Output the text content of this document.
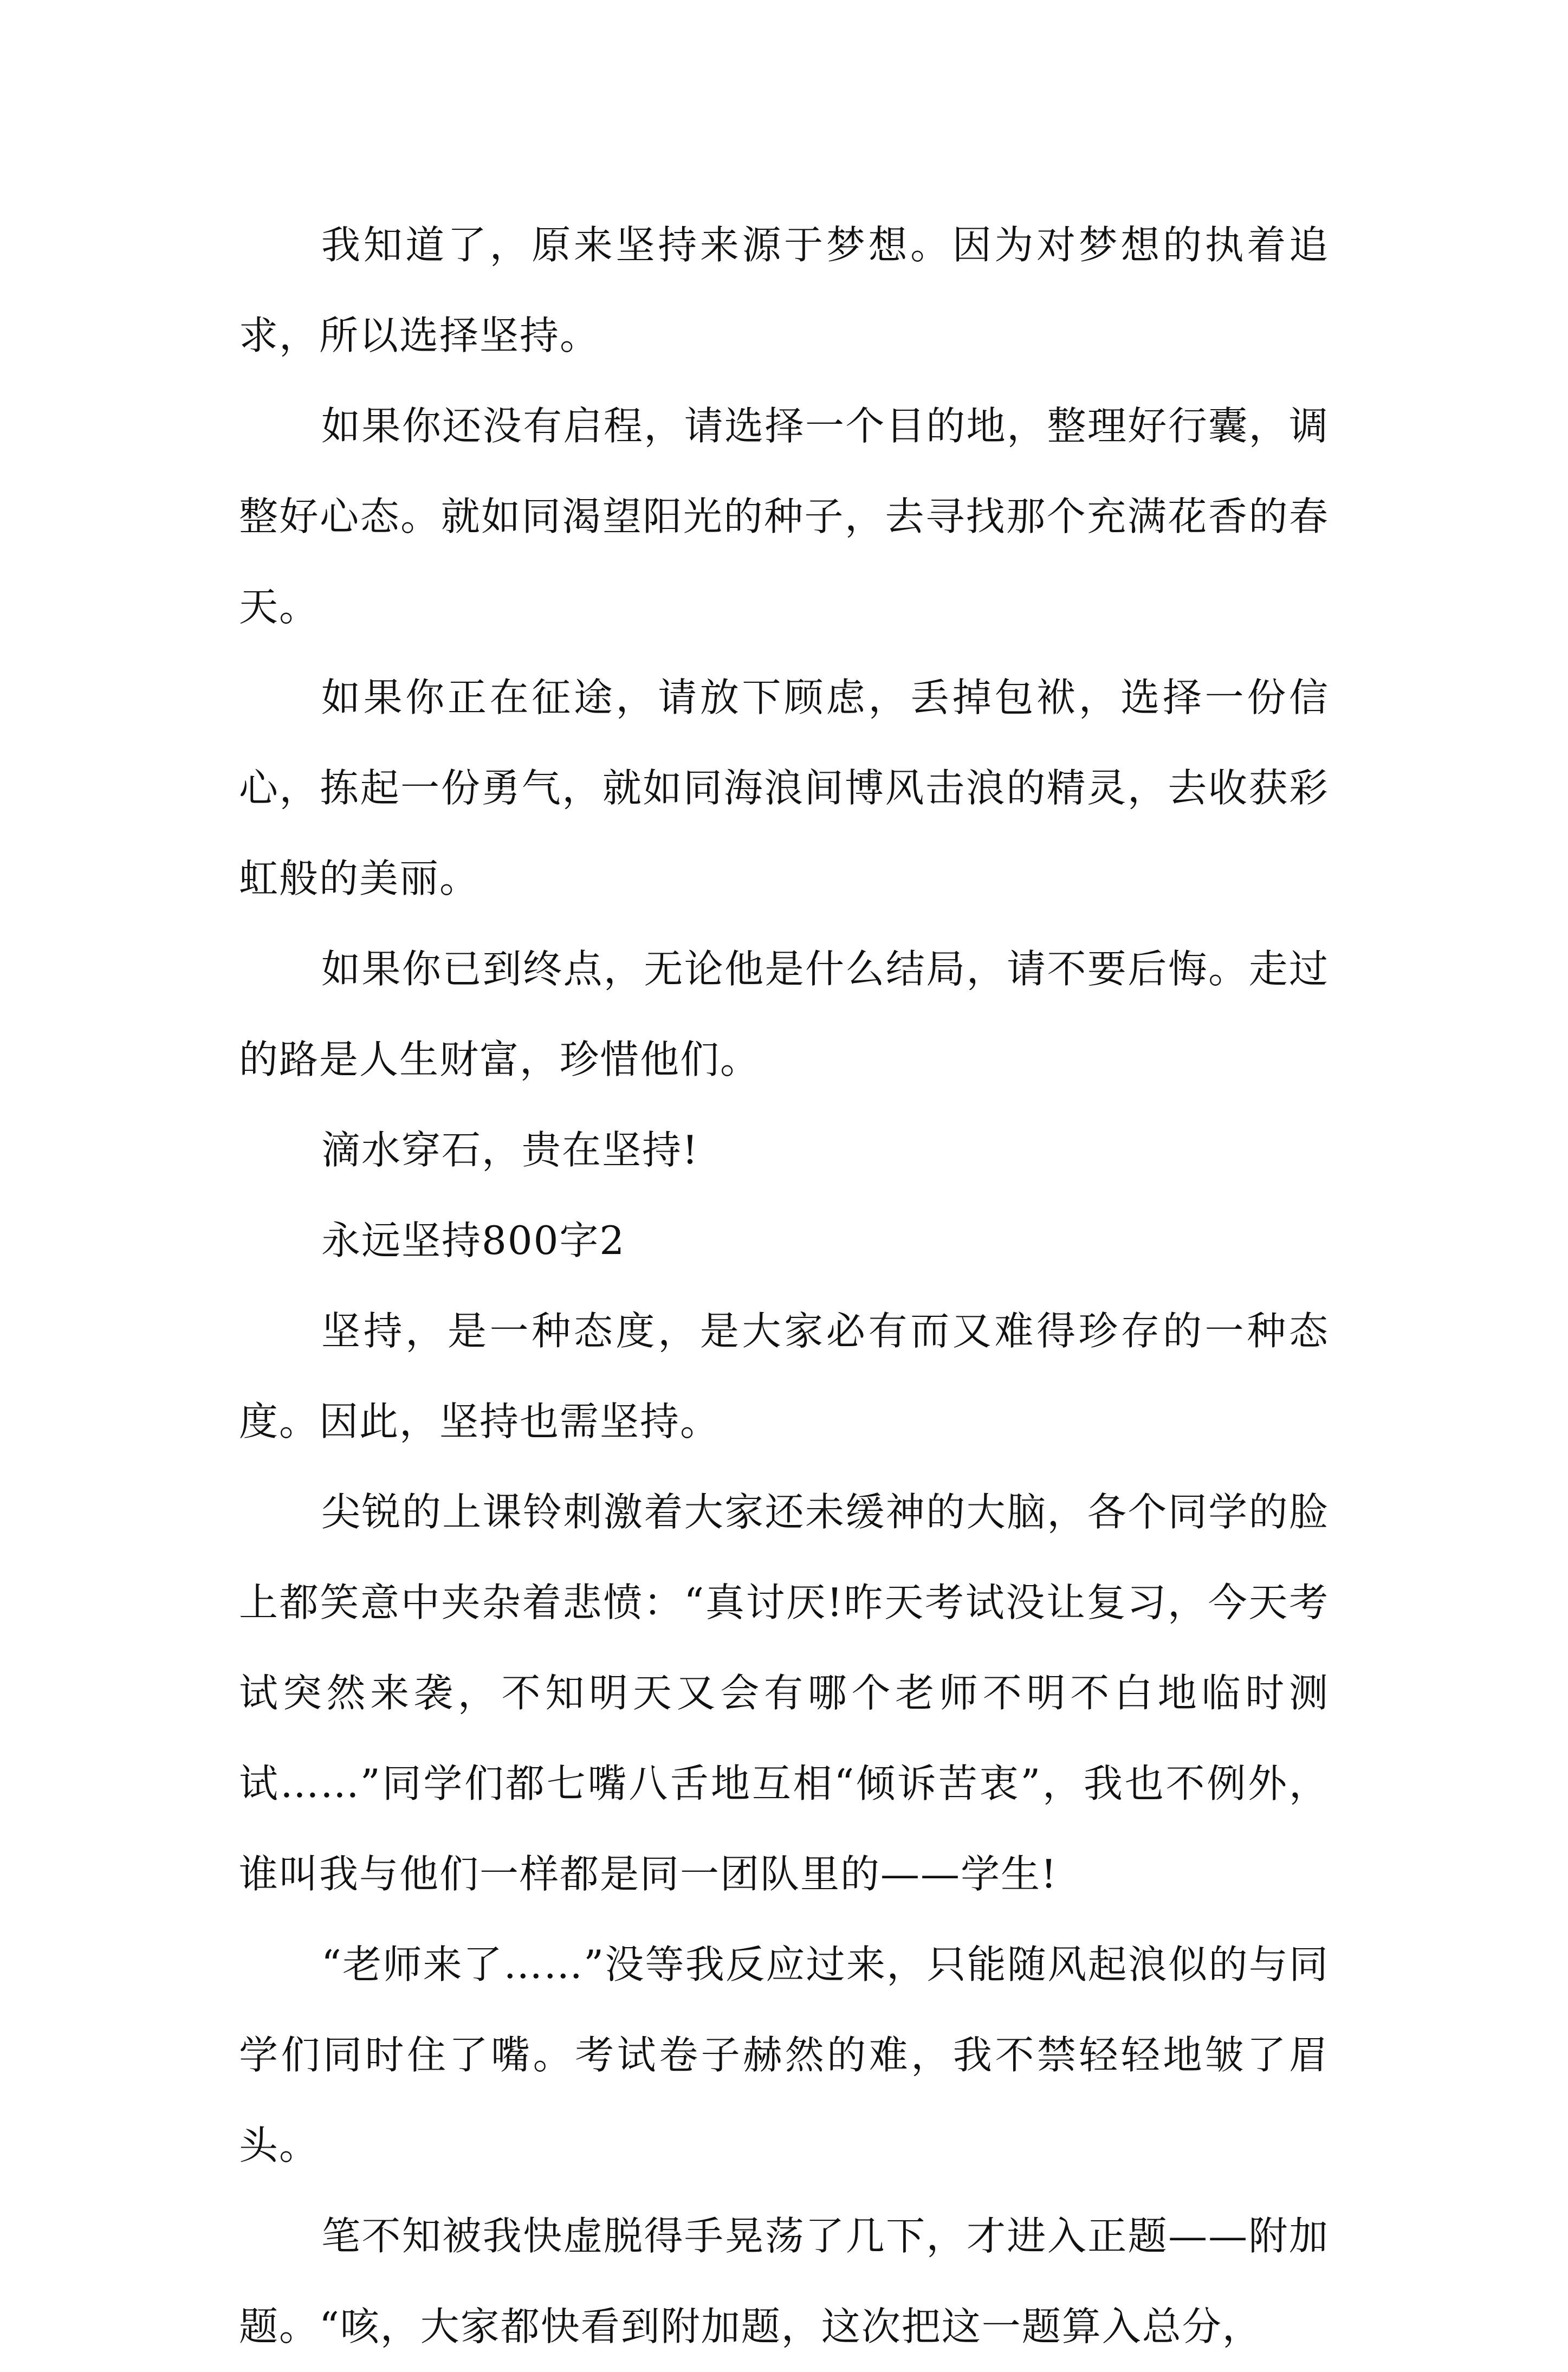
我知道了，原来坚持来源于梦想。因为对梦想的执着追求，所以选择坚持。

如果你还没有启程，请选择一个目的地，整理好行囊，调整好心态。就如同渴望阳光的种子，去寻找那个充满花香的春天。

如果你正在征途，请放下顾虑，丢掉包袱，选择一份信心，拣起一份勇气，就如同海浪间博风击浪的精灵，去收获彩虹般的美丽。

如果你已到终点，无论他是什么结局，请不要后悔。走过的路是人生财富，珍惜他们。

滴水穿石，贵在坚持!

永远坚持800字2

坚持，是一种态度，是大家必有而又难得珍存的一种态度。因此，坚持也需坚持。

尖锐的上课铃刺激着大家还未缓神的大脑，各个同学的脸上都笑意中夹杂着悲愤：“真讨厌!昨天考试没让复习，今天考试突然来袭，不知明天又会有哪个老师不明不白地临时测试……”同学们都七嘴八舌地互相“倾诉苦衷”，我也不例外，谁叫我与他们一样都是同一团队里的——学生!

“老师来了……”没等我反应过来，只能随风起浪似的与同学们同时住了嘴。考试卷子赫然的难，我不禁轻轻地皱了眉头。

笔不知被我快虚脱得手晃荡了几下，才进入正题——附加题。“咳，大家都快看到附加题，这次把这一题算入总分，
